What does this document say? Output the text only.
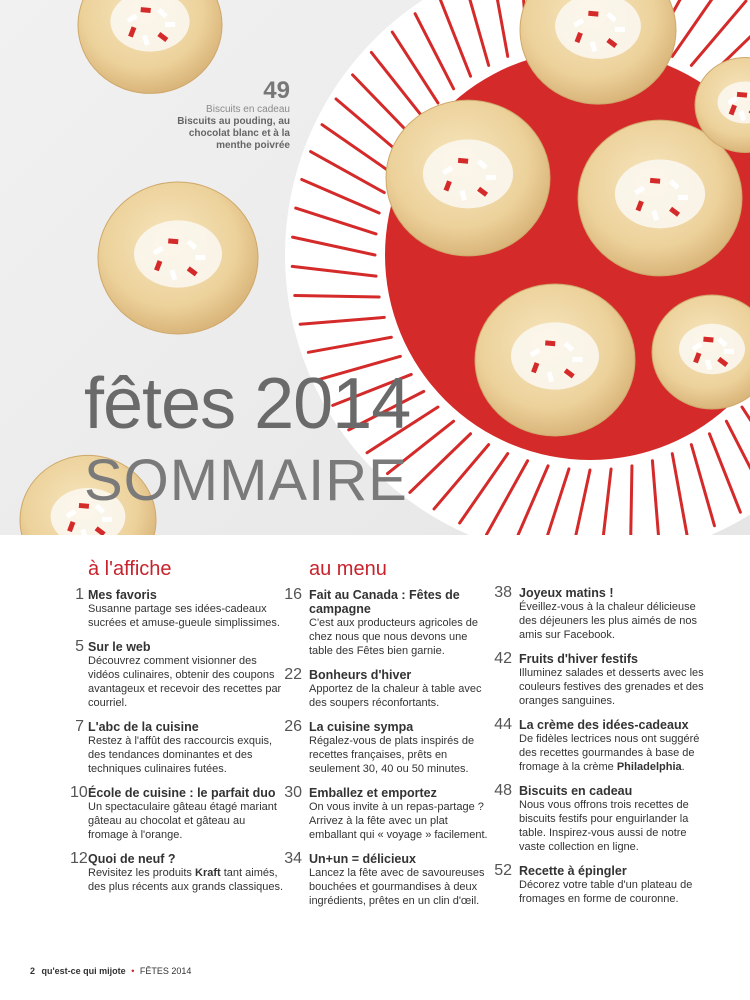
49
Biscuits en cadeau
Biscuits au pouding, au chocolat blanc et à la menthe poivrée
fêtes 2014
SOMMAIRE
à l'affiche
1 Mes favoris
Susanne partage ses idées-cadeaux sucrées et amuse-gueule simplissimes.
5 Sur le web
Découvrez comment visionner des vidéos culinaires, obtenir des coupons avantageux et recevoir des recettes par courriel.
7 L'abc de la cuisine
Restez à l'affût des raccourcis exquis, des tendances dominantes et des techniques culinaires futées.
10 École de cuisine : le parfait duo
Un spectaculaire gâteau étagé mariant gâteau au chocolat et gâteau au fromage à l'orange.
12 Quoi de neuf ?
Revisitez les produits Kraft tant aimés, des plus récents aux grands classiques.
au menu
16 Fait au Canada : Fêtes de campagne
C'est aux producteurs agricoles de chez nous que nous devons une table des Fêtes bien garnie.
22 Bonheurs d'hiver
Apportez de la chaleur à table avec des soupers réconfortants.
26 La cuisine sympa
Régalez-vous de plats inspirés de recettes françaises, prêts en seulement 30, 40 ou 50 minutes.
30 Emballez et emportez
On vous invite à un repas-partage ? Arrivez à la fête avec un plat emballant qui « voyage » facilement.
34 Un+un = délicieux
Lancez la fête avec de savoureuses bouchées et gourmandises à deux ingrédients, prêtes en un clin d'œil.
38 Joyeux matins !
Éveillez-vous à la chaleur délicieuse des déjeuners les plus aimés de nos amis sur Facebook.
42 Fruits d'hiver festifs
Illuminez salades et desserts avec les couleurs festives des grenades et des oranges sanguines.
44 La crème des idées-cadeaux
De fidèles lectrices nous ont suggéré des recettes gourmandes à base de fromage à la crème Philadelphia.
48 Biscuits en cadeau
Nous vous offrons trois recettes de biscuits festifs pour enguirlander la table. Inspirez-vous aussi de notre vaste collection en ligne.
52 Recette à épingler
Décorez votre table d'un plateau de fromages en forme de couronne.
2 qu'est-ce qui mijote • FÊTES 2014
